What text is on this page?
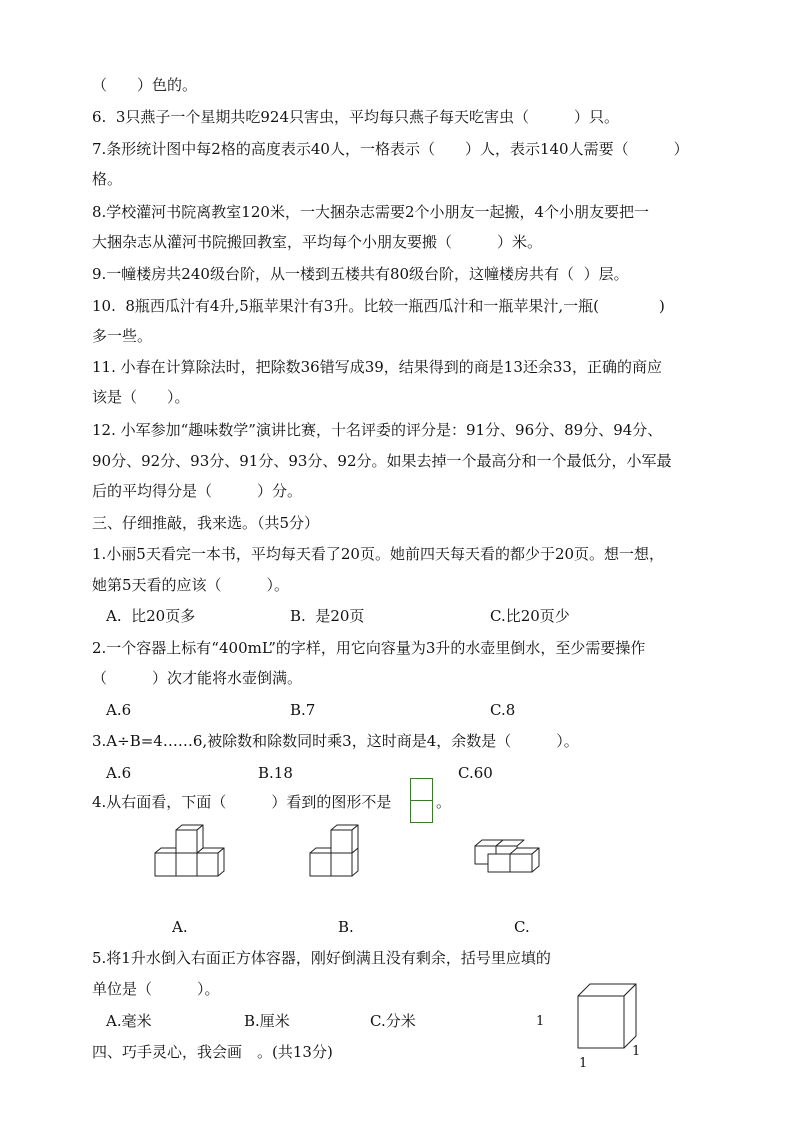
（　　）色的。
6.  3只燕子一个星期共吃924只害虫，平均每只燕子每天吃害虫（　　　）只。
7.条形统计图中每2格的高度表示40人，一格表示（　　）人，表示140人需要（　　　）
格。
8.学校灌河书院离教室120米，一大捆杂志需要2个小朋友一起搬，4个小朋友要把一
大捆杂志从灌河书院搬回教室，平均每个小朋友要搬（　　　）米。
9.一幢楼房共240级台阶，从一楼到五楼共有80级台阶，这幢楼房共有（  ）层。
10.  8瓶西瓜汁有4升,5瓶苹果汁有3升。比较一瓶西瓜汁和一瓶苹果汁,一瓶(　　　　)
多一些。
11. 小春在计算除法时，把除数36错写成39，结果得到的商是13还余33，正确的商应
该是（　　）。
12. 小军参加“趣味数学”演讲比赛，十名评委的评分是：91分、96分、89分、94分、
90分、92分、93分、91分、93分、92分。如果去掉一个最高分和一个最低分，小军最
后的平均得分是（　　　）分。
三、仔细推敲，我来选。（共5分）
1.小丽5天看完一本书，平均每天看了20页。她前四天每天看的都少于20页。想一想，
她第5天看的应该（　　　）。
A.  比20页多	B.  是20页	C.比20页少
2.一个容器上标有“400mL”的字样，用它向容量为3升的水壶里倒水，至少需要操作
（　　　）次才能将水壶倒满。
A.6	B.7	C.8
3.A÷B=4……6,被除数和除数同时乘3，这时商是4，余数是（　　　）。
A.6	B.18	C.60
4.从右面看，下面（　　　）看到的图形不是	。
A.	B.	C.
5.将1升水倒入右面正方体容器，刚好倒满且没有剩余，括号里应填的
单位是（　　　）。
A.毫米	B.厘米	C.分米	1
1
1
四、巧手灵心，我会画　。(共13分)
